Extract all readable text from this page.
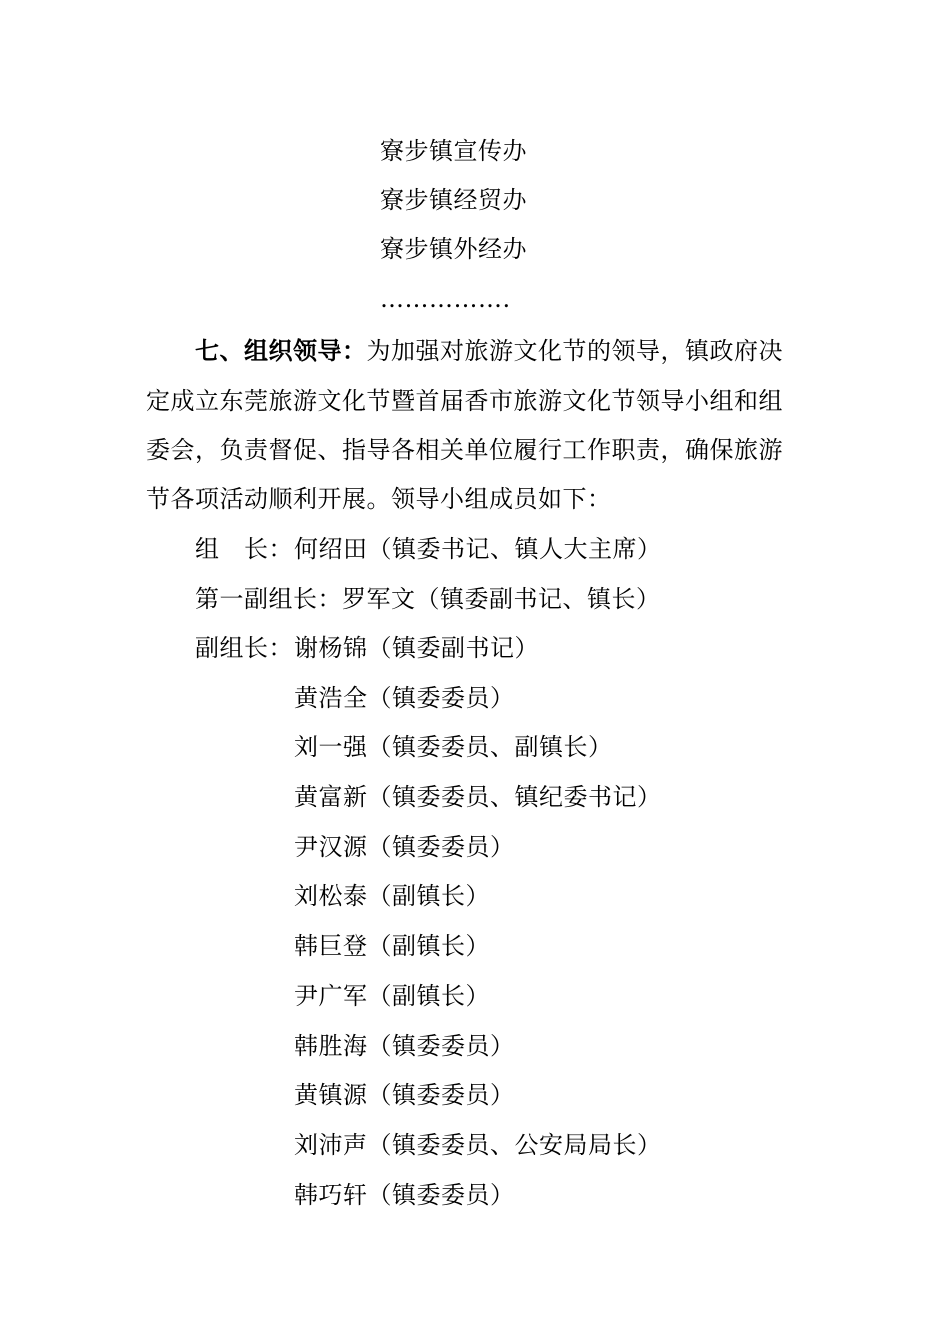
寮步镇宣传办
寮步镇经贸办
寮步镇外经办
…………….
七、组织领导：为加强对旅游文化节的领导，镇政府决
定成立东莞旅游文化节暨首届香市旅游文化节领导小组和组
委会，负责督促、指导各相关单位履行工作职责，确保旅游
节各项活动顺利开展。领导小组成员如下：
组　长： 何绍田（镇委书记、镇人大主席）
第一副组长：罗军文（镇委副书记、镇长）
副组长： 谢杨锦（镇委副书记）
黄浩全（镇委委员）
刘一强（镇委委员、副镇长）
黄富新（镇委委员、镇纪委书记）
尹汉源（镇委委员）
刘松泰（副镇长）
韩巨登（副镇长）
尹广军（副镇长）
韩胜海（镇委委员）
黄镇源（镇委委员）
刘沛声（镇委委员、公安局局长）
韩巧轩（镇委委员）
